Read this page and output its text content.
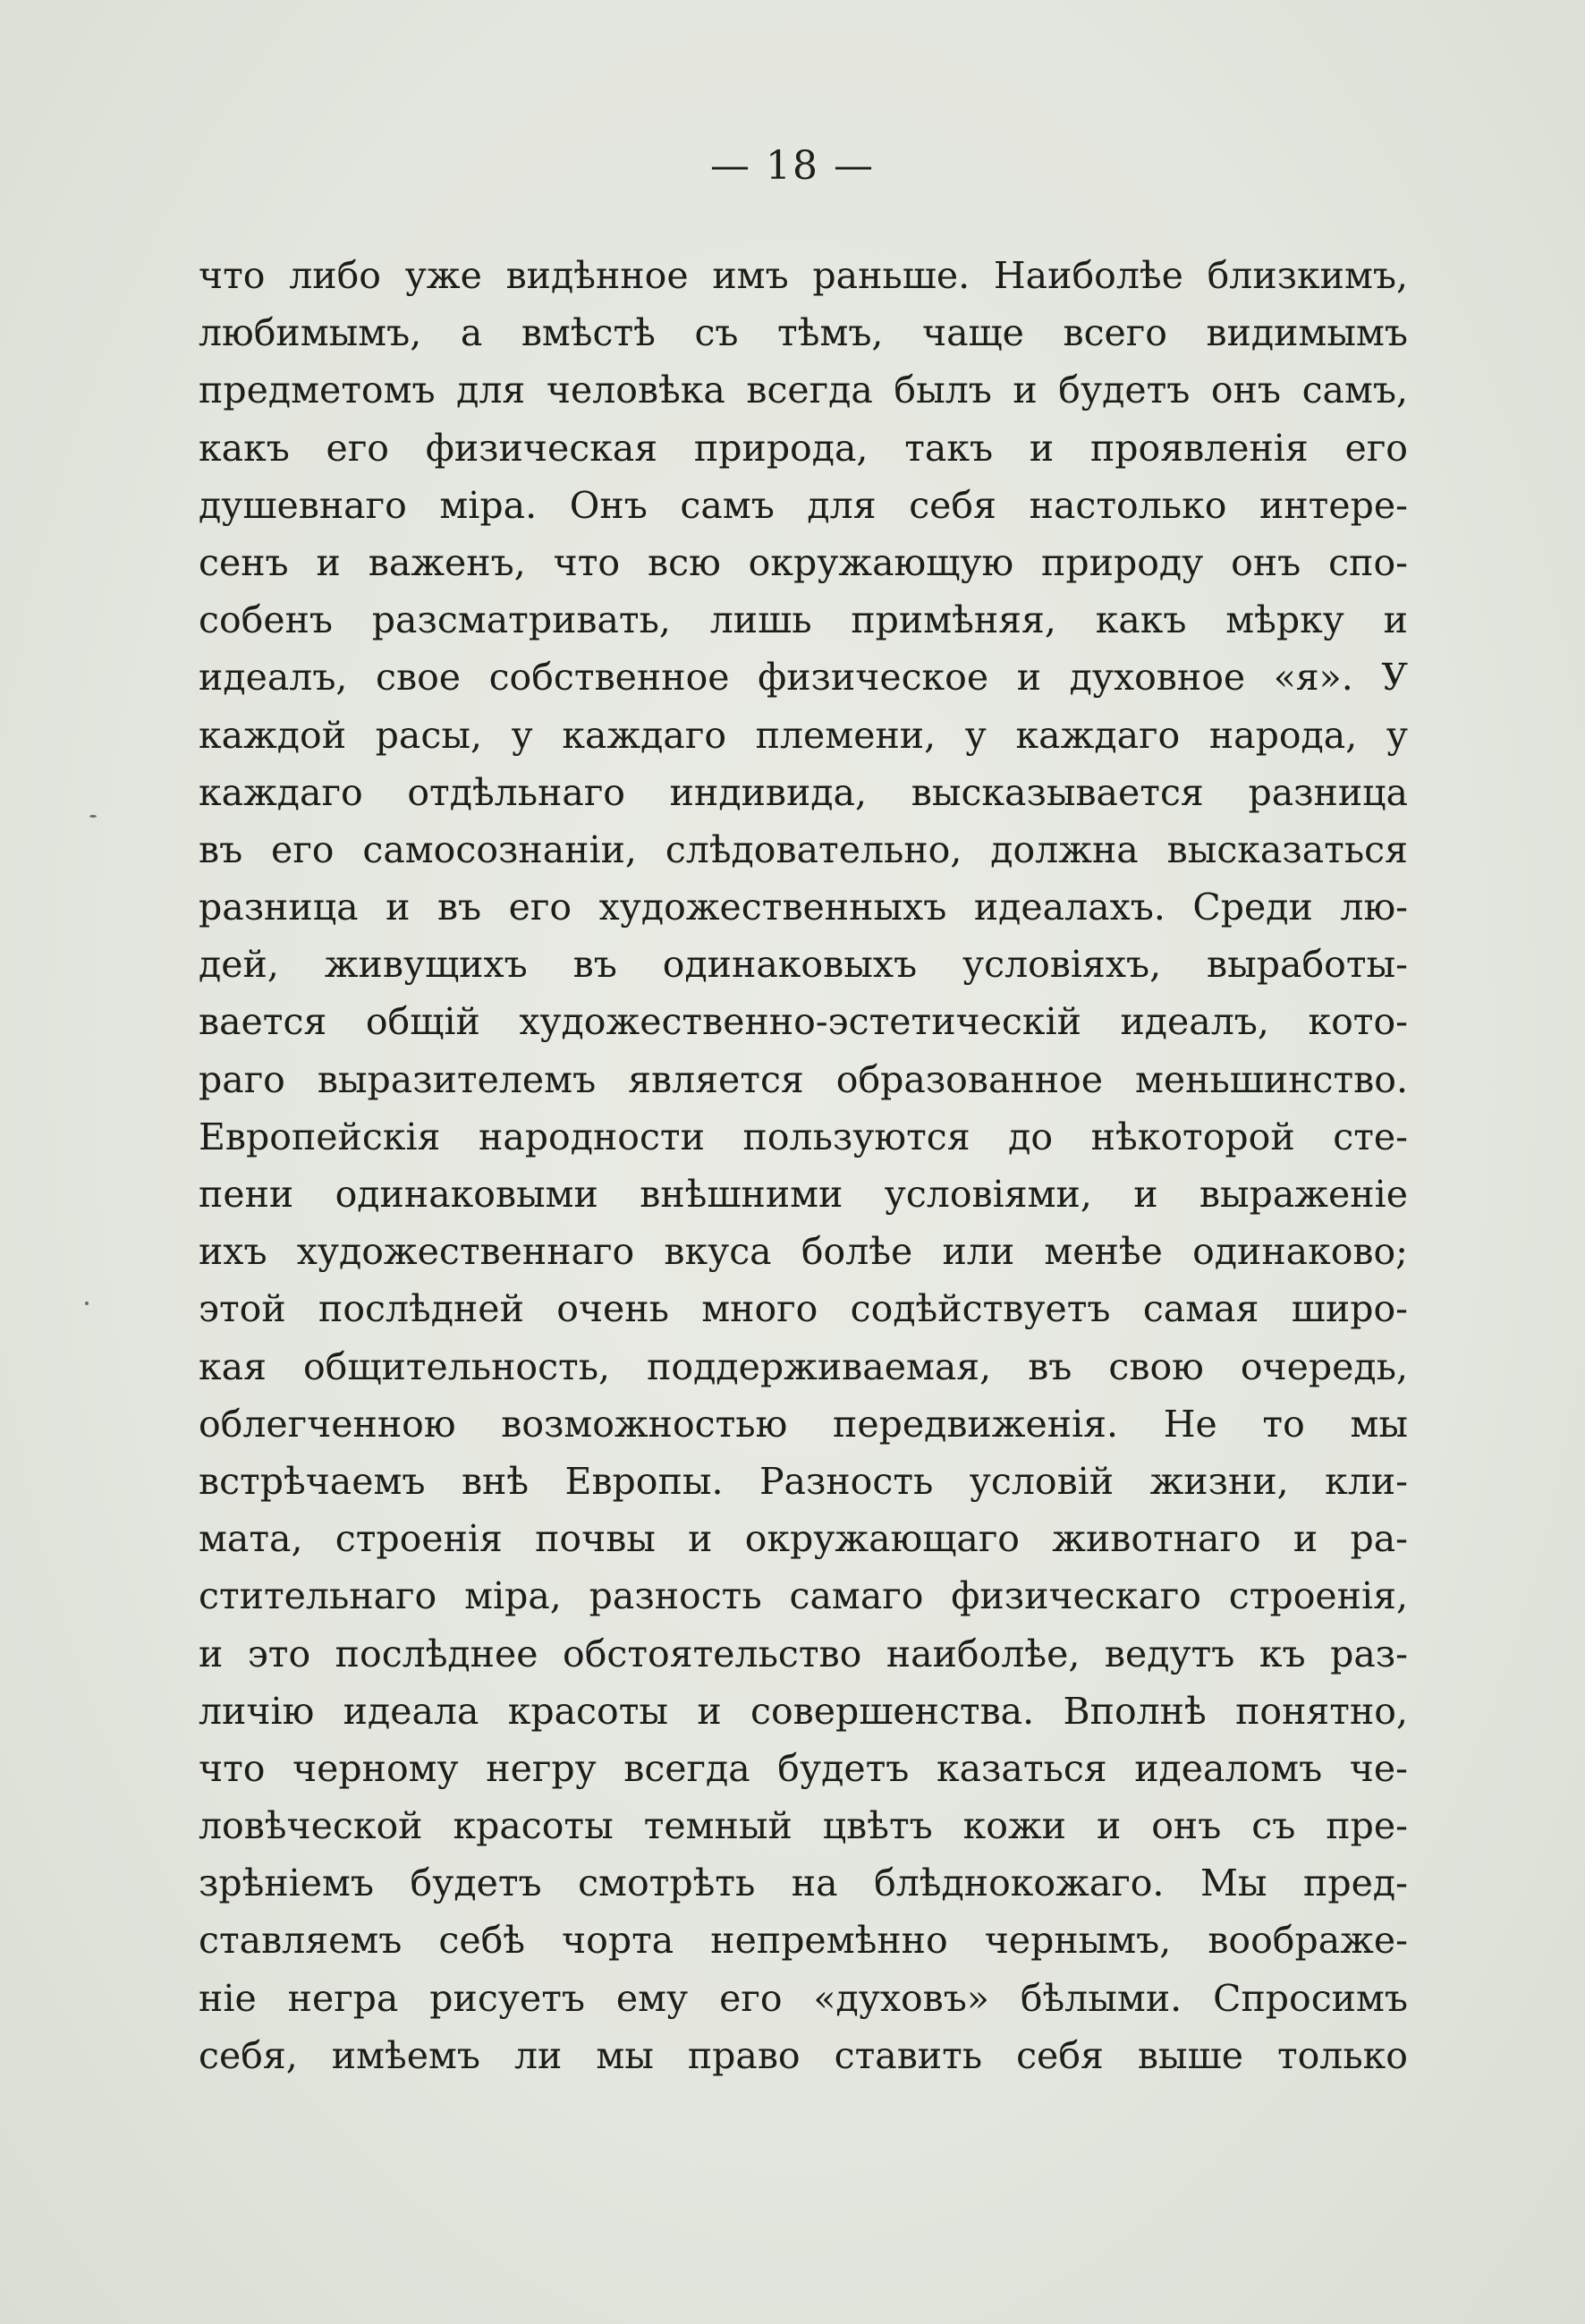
— 18 —
что либо уже видѣнное имъ раньше. Наиболѣе близкимъ,
любимымъ, а вмѣстѣ съ тѣмъ, чаще всего видимымъ
предметомъ для человѣка всегда былъ и будетъ онъ самъ,
какъ его физическая природа, такъ и проявленія его
душевнаго міра. Онъ самъ для себя настолько интере-
сенъ и важенъ, что всю окружающую природу онъ спо-
собенъ разсматривать, лишь примѣняя, какъ мѣрку и
идеалъ, свое собственное физическое и духовное «я». У
каждой расы, у каждаго племени, у каждаго народа, у
каждаго отдѣльнаго индивида, высказывается разница
въ его самосознаніи, слѣдовательно, должна высказаться
разница и въ его художественныхъ идеалахъ. Среди лю-
дей, живущихъ въ одинаковыхъ условіяхъ, выработы-
вается общій художественно-эстетическій идеалъ, кото-
раго выразителемъ является образованное меньшинство.
Европейскія народности пользуются до нѣкоторой сте-
пени одинаковыми внѣшними условіями, и выраженіе
ихъ художественнаго вкуса болѣе или менѣе одинаково;
этой послѣдней очень много содѣйствуетъ самая широ-
кая общительность, поддерживаемая, въ свою очередь,
облегченною возможностью передвиженія. Не то мы
встрѣчаемъ внѣ Европы. Разность условій жизни, кли-
мата, строенія почвы и окружающаго животнаго и ра-
стительнаго міра, разность самаго физическаго строенія,
и это послѣднее обстоятельство наиболѣе, ведутъ къ раз-
личію идеала красоты и совершенства. Вполнѣ понятно,
что черному негру всегда будетъ казаться идеаломъ че-
ловѣческой красоты темный цвѣтъ кожи и онъ съ пре-
зрѣніемъ будетъ смотрѣть на блѣднокожаго. Мы пред-
ставляемъ себѣ чорта непремѣнно чернымъ, воображе-
ніе негра рисуетъ ему его «духовъ» бѣлыми. Спросимъ
себя, имѣемъ ли мы право ставить себя выше только
